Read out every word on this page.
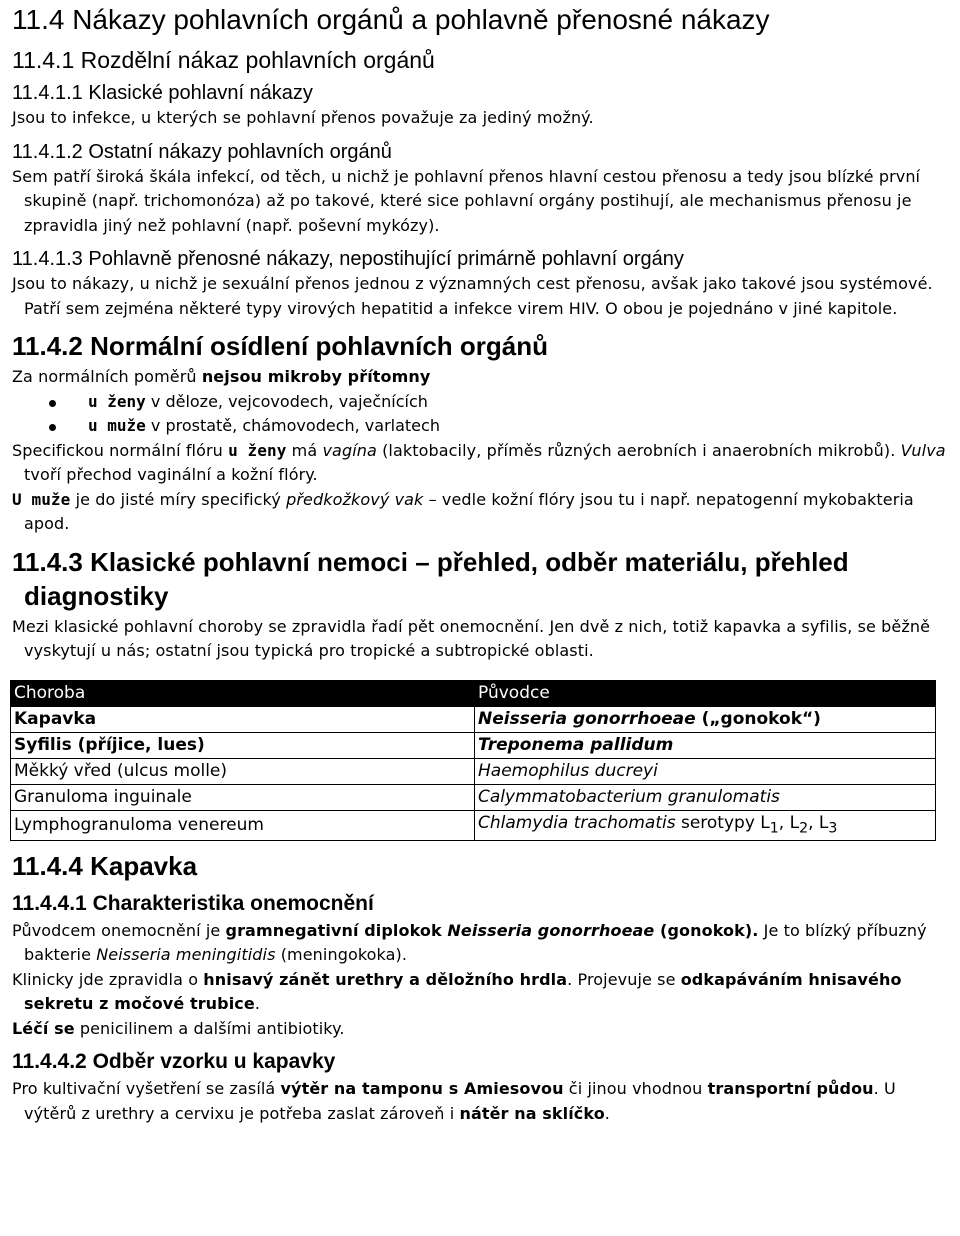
11.4 Nákazy pohlavních orgánů a pohlavně přenosné nákazy
11.4.1 Rozdělní nákaz pohlavních orgánů
11.4.1.1 Klasické pohlavní nákazy

Jsou to infekce, u kterých se pohlavní přenos považuje za jediný možný.

11.4.1.2 Ostatní nákazy pohlavních orgánů

Sem patří široká škála infekcí, od těch, u nichž je pohlavní přenos hlavní cestou přenosu a tedy jsou blízké první skupině (např. trichomonóza) až po takové, které sice pohlavní orgány postihují, ale mechanismus přenosu je zpravidla jiný než pohlavní (např. poševní mykózy).

11.4.1.3 Pohlavně přenosné nákazy, nepostihující primárně pohlavní orgány

Jsou to nákazy, u nichž je sexuální přenos jednou z významných cest přenosu, avšak jako takové jsou systémové. Patří sem zejména některé typy virových hepatitid a infekce virem HIV. O obou je pojednáno v jiné kapitole.

11.4.2 Normální osídlení pohlavních orgánů

Za normálních poměrů nejsou mikroby přítomny

u ženy v děloze, vejcovodech, vaječnících
u muže v prostatě, chámovodech, varlatech

Specifickou normální flóru u ženy má vagína (laktobacily, příměs různých aerobních i anaerobních mikrobů). Vulva tvoří přechod vaginální a kožní flóry.

U muže je do jisté míry specifický předkožkový vak – vedle kožní flóry jsou tu i např. nepatogenní mykobakteria apod.

11.4.3 Klasické pohlavní nemoci – přehled, odběr materiálu, přehled diagnostiky

Mezi klasické pohlavní choroby se zpravidla řadí pět onemocnění. Jen dvě z nich, totiž kapavka a syfilis, se běžně vyskytují u nás; ostatní jsou typická pro tropické a subtropické oblasti.

Choroba	Původce
Kapavka	Neisseria gonorrhoeae („gonokok“)
Syfilis (příjice, lues)	Treponema pallidum
Měkký vřed (ulcus molle)	Haemophilus ducreyi
Granuloma inguinale	Calymmatobacterium granulomatis
Lymphogranuloma venereum	Chlamydia trachomatis serotypy $L_1$, $L_2$, $L_3$
11.4.4 Kapavka
11.4.4.1 Charakteristika onemocnění

Původcem onemocnění je gramnegativní diplokok Neisseria gonorrhoeae (gonokok). Je to blízký příbuzný bakterie Neisseria meningitidis (meningokoka).

Klinicky jde zpravidla o hnisavý zánět urethry a děložního hrdla. Projevuje se odkapáváním hnisavého sekretu z močové trubice.

Léčí se penicilinem a dalšími antibiotiky.

11.4.4.2 Odběr vzorku u kapavky

Pro kultivační vyšetření se zasílá výtěr na tamponu s Amiesovou či jinou vhodnou transportní půdou. U výtěrů z urethry a cervixu je potřeba zaslat zároveň i nátěr na sklíčko.
